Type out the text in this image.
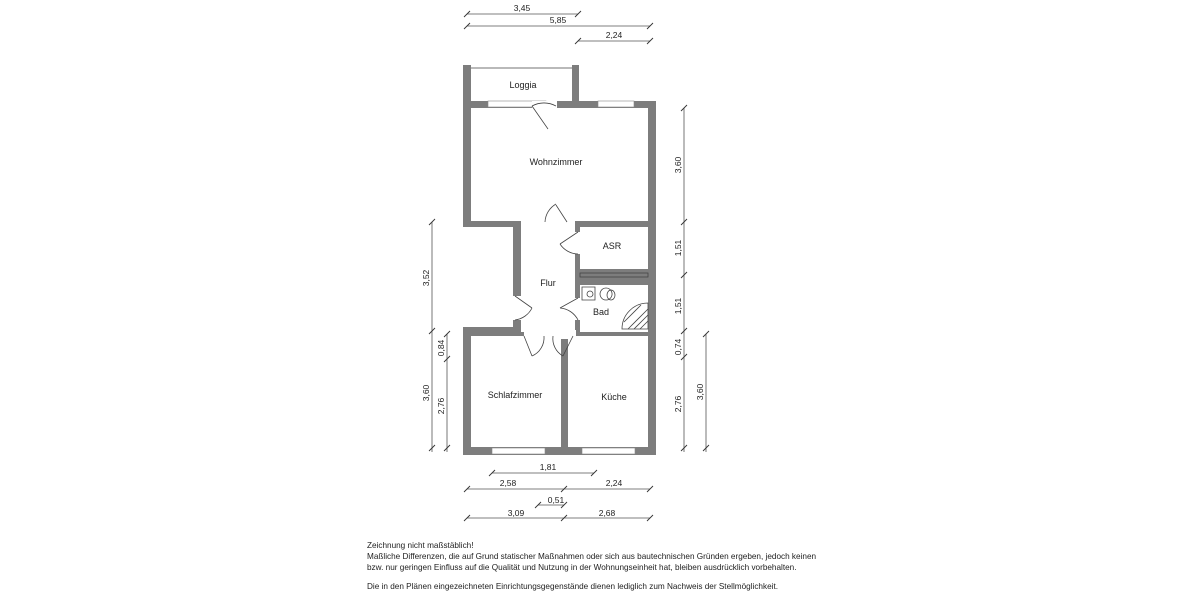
Loggia
Wohnzimmer
ASR
Flur
Bad
Schlafzimmer	Küche
3,45
5,85
2,24
3,60
1,51
1,51
0,74
2,76
3,60
3,52
3,60
0,84
2,76
1,81
2,58	2,24
0,51
3,09	2,68
Zeichnung nicht maßstäblich!
Maßliche Differenzen, die auf Grund statischer Maßnahmen oder sich aus bautechnischen Gründen ergeben, jedoch keinen
bzw. nur geringen Einfluss auf die Qualität und Nutzung in der Wohnungseinheit hat, bleiben ausdrücklich vorbehalten.
Die in den Plänen eingezeichneten Einrichtungsgegenstände dienen lediglich zum Nachweis der Stellmöglichkeit.
